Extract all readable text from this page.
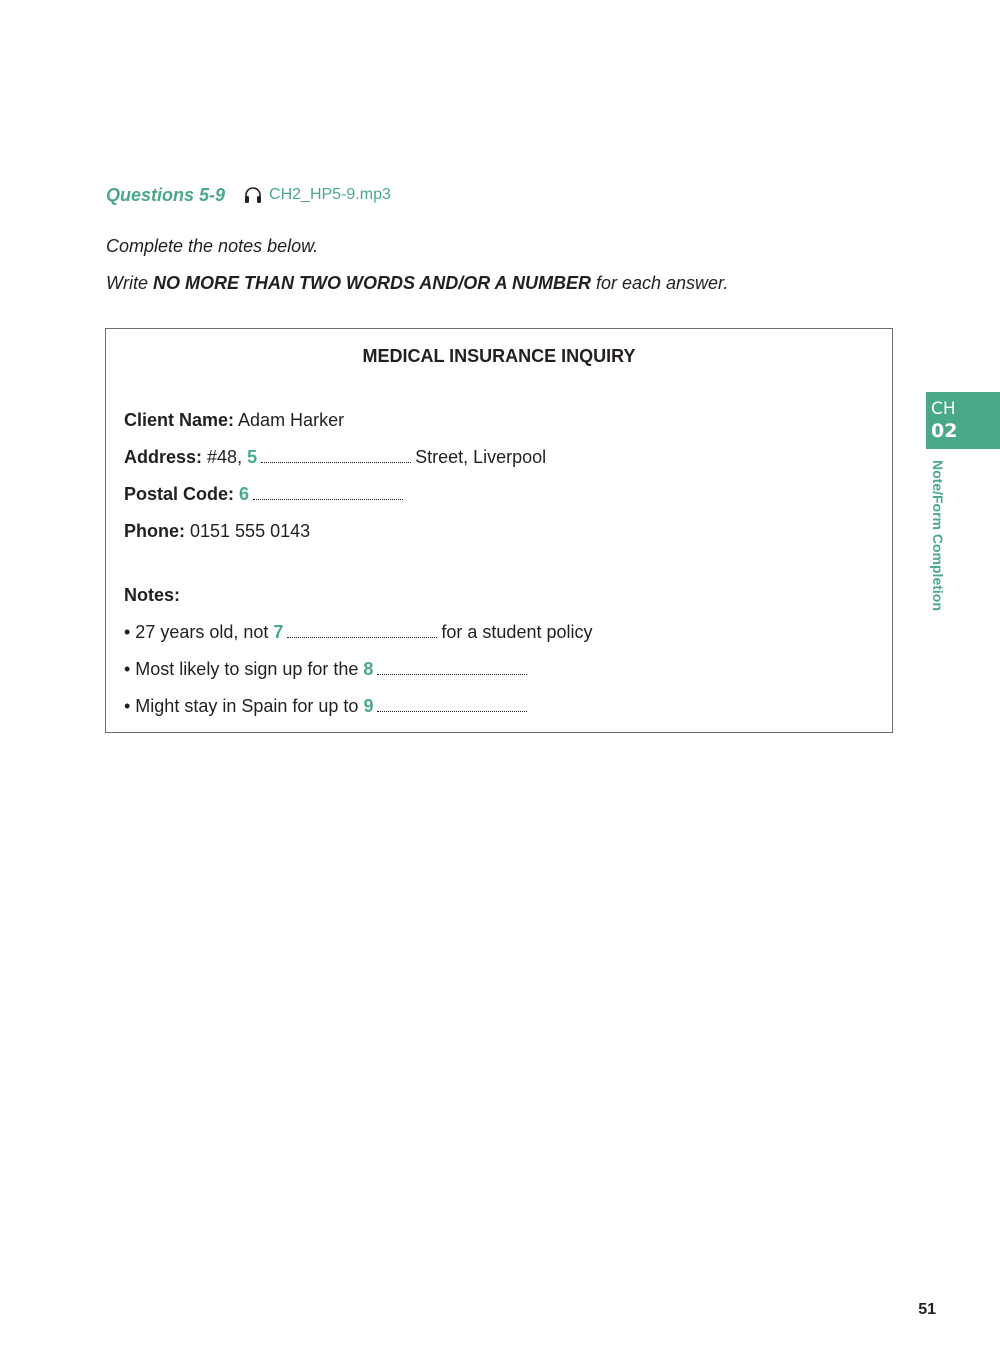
Questions 5-9	CH2_HP5-9.mp3
Complete the notes below.
Write NO MORE THAN TWO WORDS AND/OR A NUMBER for each answer.
MEDICAL INSURANCE INQUIRY
Client Name: Adam Harker
Address: #48, 5	Street, Liverpool
Postal Code: 6
Phone: 0151 555 0143
Notes:
• 27 years old, not 7	for a student policy
• Most likely to sign up for the 8
• Might stay in Spain for up to 9
CH
02
Note/Form Completion
51
